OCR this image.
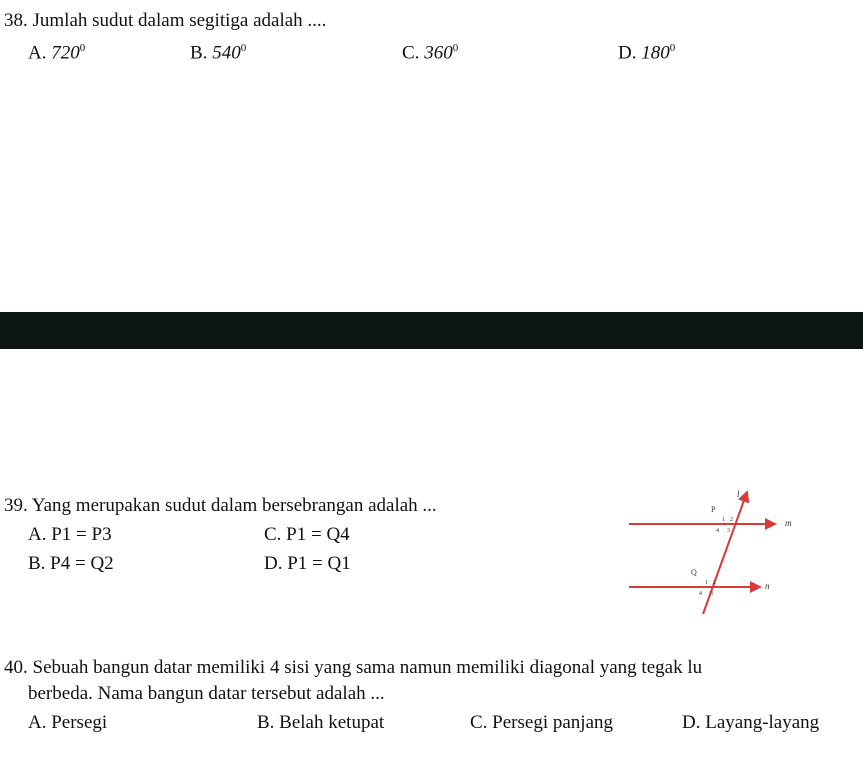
38. Jumlah sudut dalam segitiga adalah ....
A. $720^0$	B. $540^0$	C. $360^0$	D. $180^0$
39. Yang merupakan sudut dalam bersebrangan adalah ...
A. P1 = P3	C. P1 = Q4
B. P4 = Q2	D. P1 = Q1
l
m
n
P
1 2
3
4
Q
1 2
3
4
40. Sebuah bangun datar memiliki 4 sisi yang sama namun memiliki diagonal yang tegak lu
berbeda. Nama bangun datar tersebut adalah ...
A. Persegi	B. Belah ketupat	C. Persegi panjang	D. Layang-layang
